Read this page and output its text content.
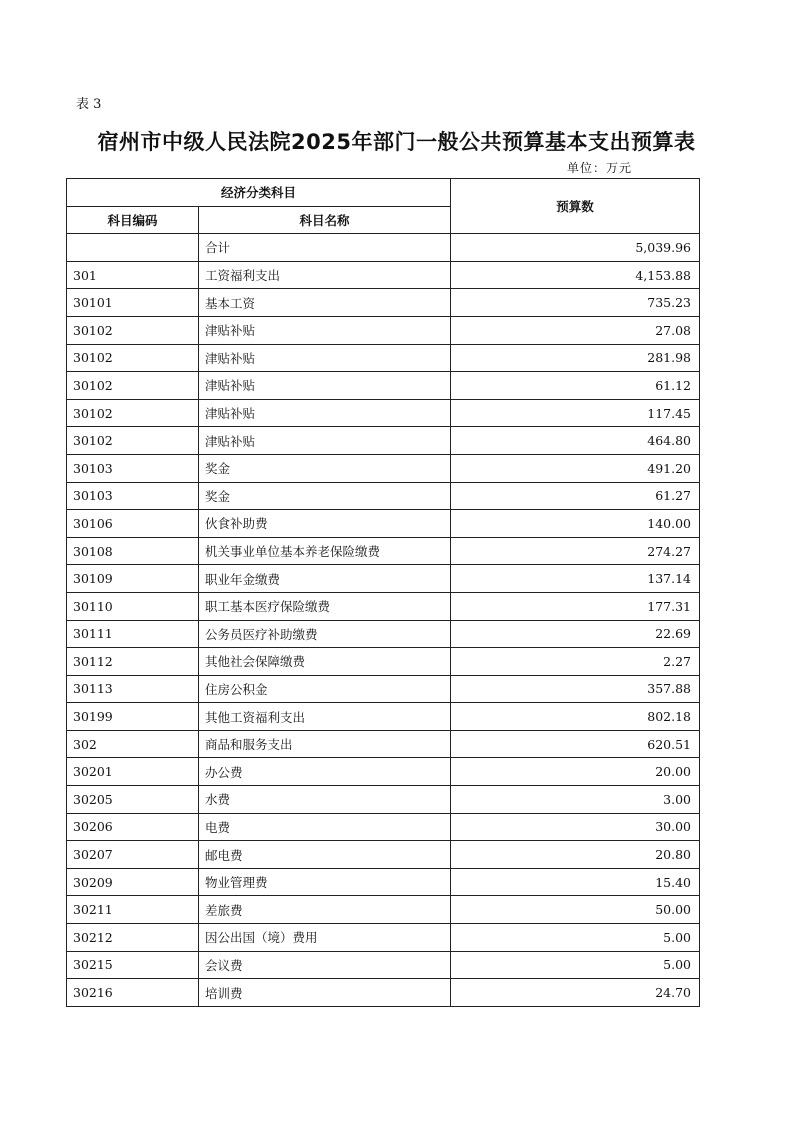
表 3
宿州市中级人民法院2025年部门一般公共预算基本支出预算表
单位：万元
经济分类科目		预算数
科目编码	科目名称	
	合计	5,039.96
301	工资福利支出	4,153.88
30101	基本工资	735.23
30102	津贴补贴	27.08
30102	津贴补贴	281.98
30102	津贴补贴	61.12
30102	津贴补贴	117.45
30102	津贴补贴	464.80
30103	奖金	491.20
30103	奖金	61.27
30106	伙食补助费	140.00
30108	机关事业单位基本养老保险缴费	274.27
30109	职业年金缴费	137.14
30110	职工基本医疗保险缴费	177.31
30111	公务员医疗补助缴费	22.69
30112	其他社会保障缴费	2.27
30113	住房公积金	357.88
30199	其他工资福利支出	802.18
302	商品和服务支出	620.51
30201	办公费	20.00
30205	水费	3.00
30206	电费	30.00
30207	邮电费	20.80
30209	物业管理费	15.40
30211	差旅费	50.00
30212	因公出国（境）费用	5.00
30215	会议费	5.00
30216	培训费	24.70
